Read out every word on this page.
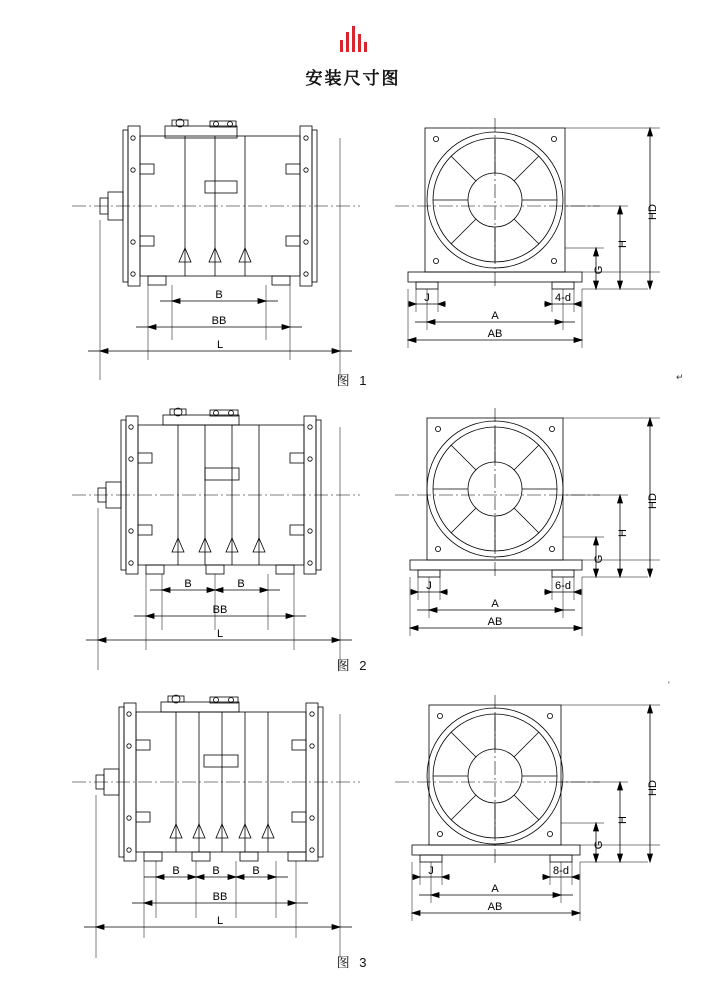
安装尺寸图
B
BB
L
J	4-d
A
AB
HD
H
G
图 1
B	B
BB
L
J	6-d
A
AB
HD
H
G
图 2
B	B	B
BB
L
J	8-d
A
AB
HD
H
G
图 3
↵
'
